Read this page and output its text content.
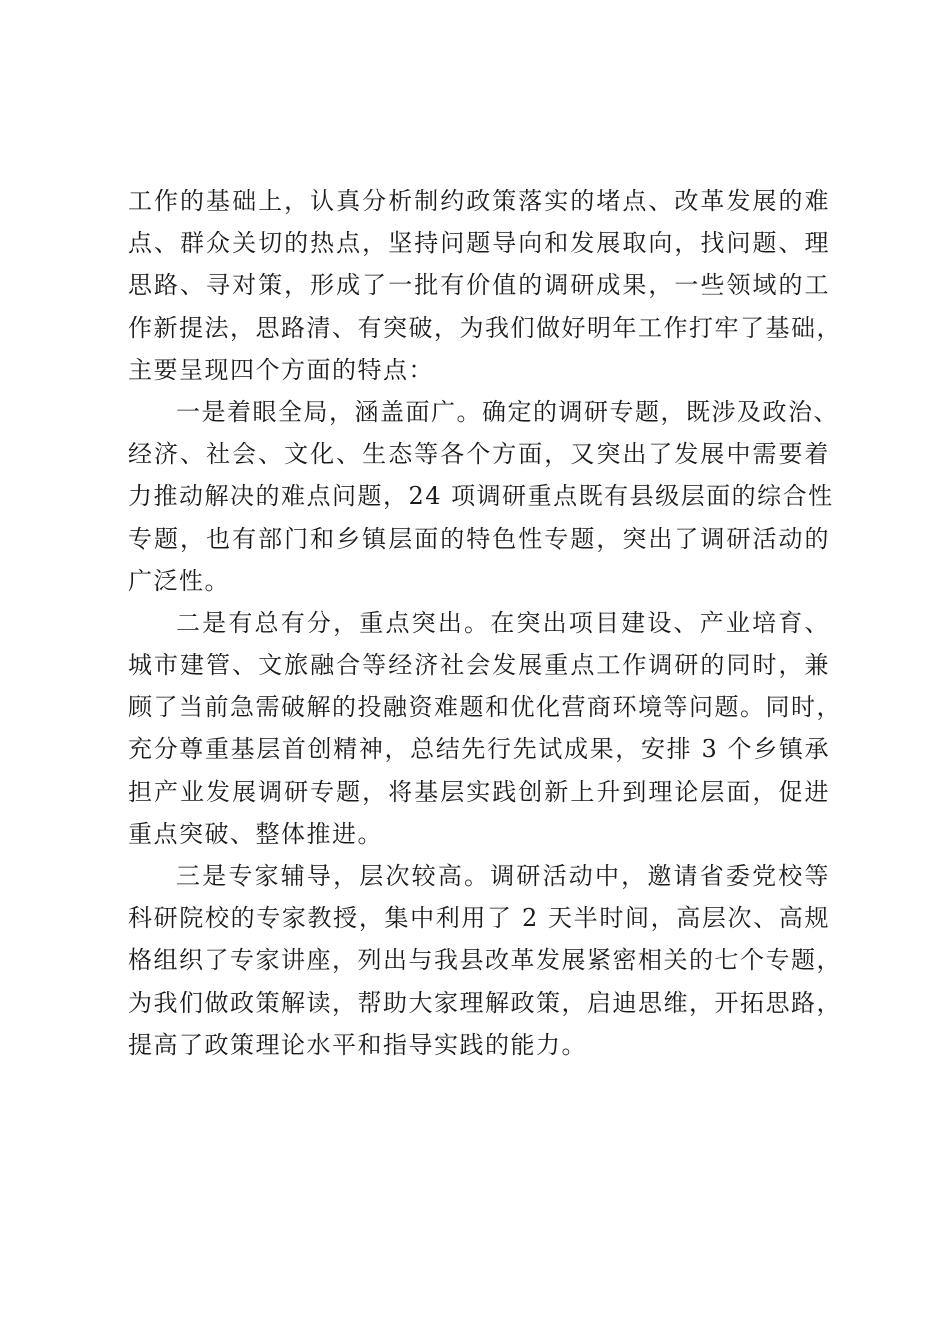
工作的基础上，认真分析制约政策落实的堵点、改革发展的难
点、群众关切的热点，坚持问题导向和发展取向，找问题、理
思路、寻对策，形成了一批有价值的调研成果，一些领域的工
作新提法，思路清、有突破，为我们做好明年工作打牢了基础，
主要呈现四个方面的特点：
一是着眼全局，涵盖面广。确定的调研专题，既涉及政治、
经济、社会、文化、生态等各个方面，又突出了发展中需要着
力推动解决的难点问题，24 项调研重点既有县级层面的综合性
专题，也有部门和乡镇层面的特色性专题，突出了调研活动的
广泛性。
二是有总有分，重点突出。在突出项目建设、产业培育、
城市建管、文旅融合等经济社会发展重点工作调研的同时，兼
顾了当前急需破解的投融资难题和优化营商环境等问题。同时，
充分尊重基层首创精神，总结先行先试成果，安排 3 个乡镇承
担产业发展调研专题，将基层实践创新上升到理论层面，促进
重点突破、整体推进。
三是专家辅导，层次较高。调研活动中，邀请省委党校等
科研院校的专家教授，集中利用了 2 天半时间，高层次、高规
格组织了专家讲座，列出与我县改革发展紧密相关的七个专题，
为我们做政策解读，帮助大家理解政策，启迪思维，开拓思路，
提高了政策理论水平和指导实践的能力。
